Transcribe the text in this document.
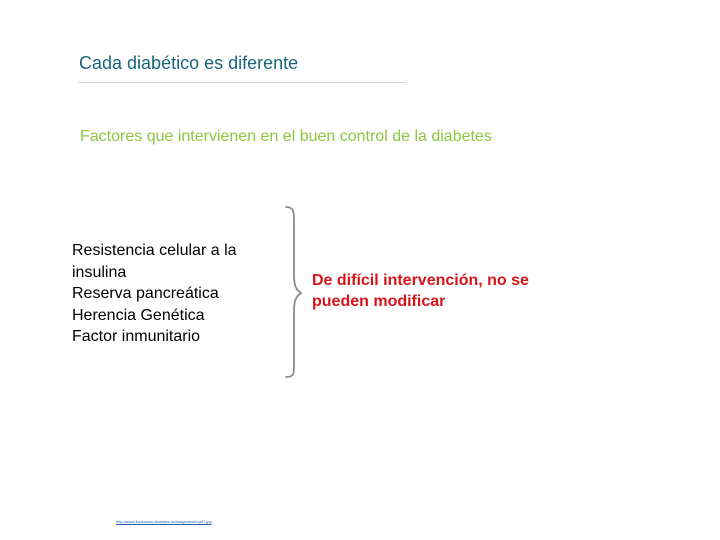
Cada diabético es diferente
Factores que intervienen en el buen control de la diabetes
Resistencia celular a la insulina
Reserva pancreática
Herencia Genética
Factor inmunitario
De difícil intervención, no se pueden modificar
http://www.fundacion-diabetes.es/imagenes/img07.jpg
